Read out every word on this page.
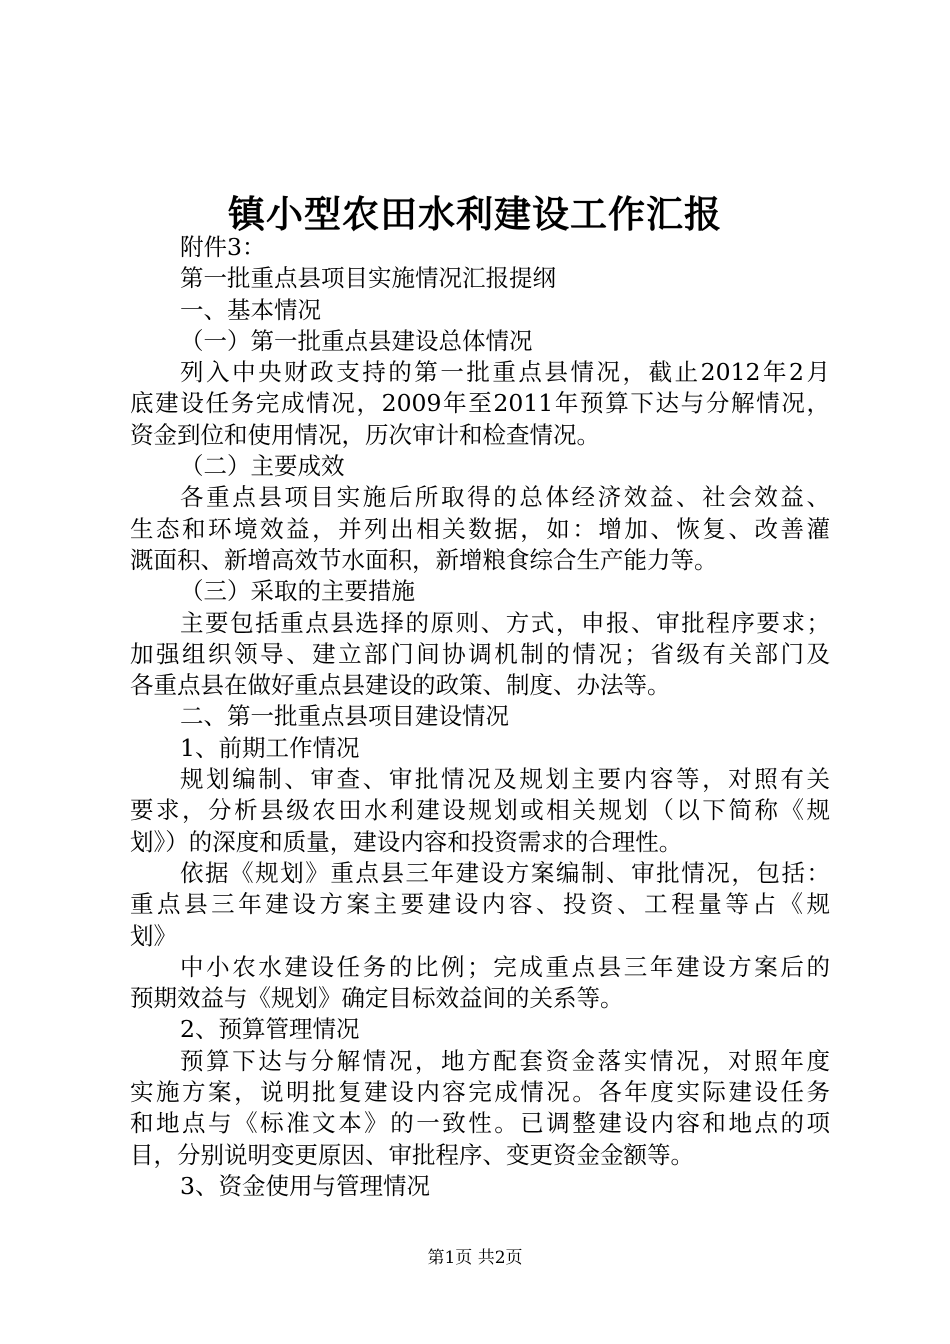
镇小型农田水利建设工作汇报
附件3：
第一批重点县项目实施情况汇报提纲
一、基本情况
（一）第一批重点县建设总体情况
列入中央财政支持的第一批重点县情况，截止2012年2月
底建设任务完成情况，2009年至2011年预算下达与分解情况，
资金到位和使用情况，历次审计和检查情况。
（二）主要成效
各重点县项目实施后所取得的总体经济效益、社会效益、
生态和环境效益，并列出相关数据，如：增加、恢复、改善灌
溉面积、新增高效节水面积，新增粮食综合生产能力等。
（三）采取的主要措施
主要包括重点县选择的原则、方式，申报、审批程序要求；
加强组织领导、建立部门间协调机制的情况；省级有关部门及
各重点县在做好重点县建设的政策、制度、办法等。
二、第一批重点县项目建设情况
1、前期工作情况
规划编制、审查、审批情况及规划主要内容等，对照有关
要求，分析县级农田水利建设规划或相关规划（以下简称《规
划》）的深度和质量，建设内容和投资需求的合理性。
依据《规划》重点县三年建设方案编制、审批情况，包括：
重点县三年建设方案主要建设内容、投资、工程量等占《规
划》
中小农水建设任务的比例；完成重点县三年建设方案后的
预期效益与《规划》确定目标效益间的关系等。
2、预算管理情况
预算下达与分解情况，地方配套资金落实情况，对照年度
实施方案，说明批复建设内容完成情况。各年度实际建设任务
和地点与《标准文本》的一致性。已调整建设内容和地点的项
目，分别说明变更原因、审批程序、变更资金金额等。
3、资金使用与管理情况
第1页 共2页
